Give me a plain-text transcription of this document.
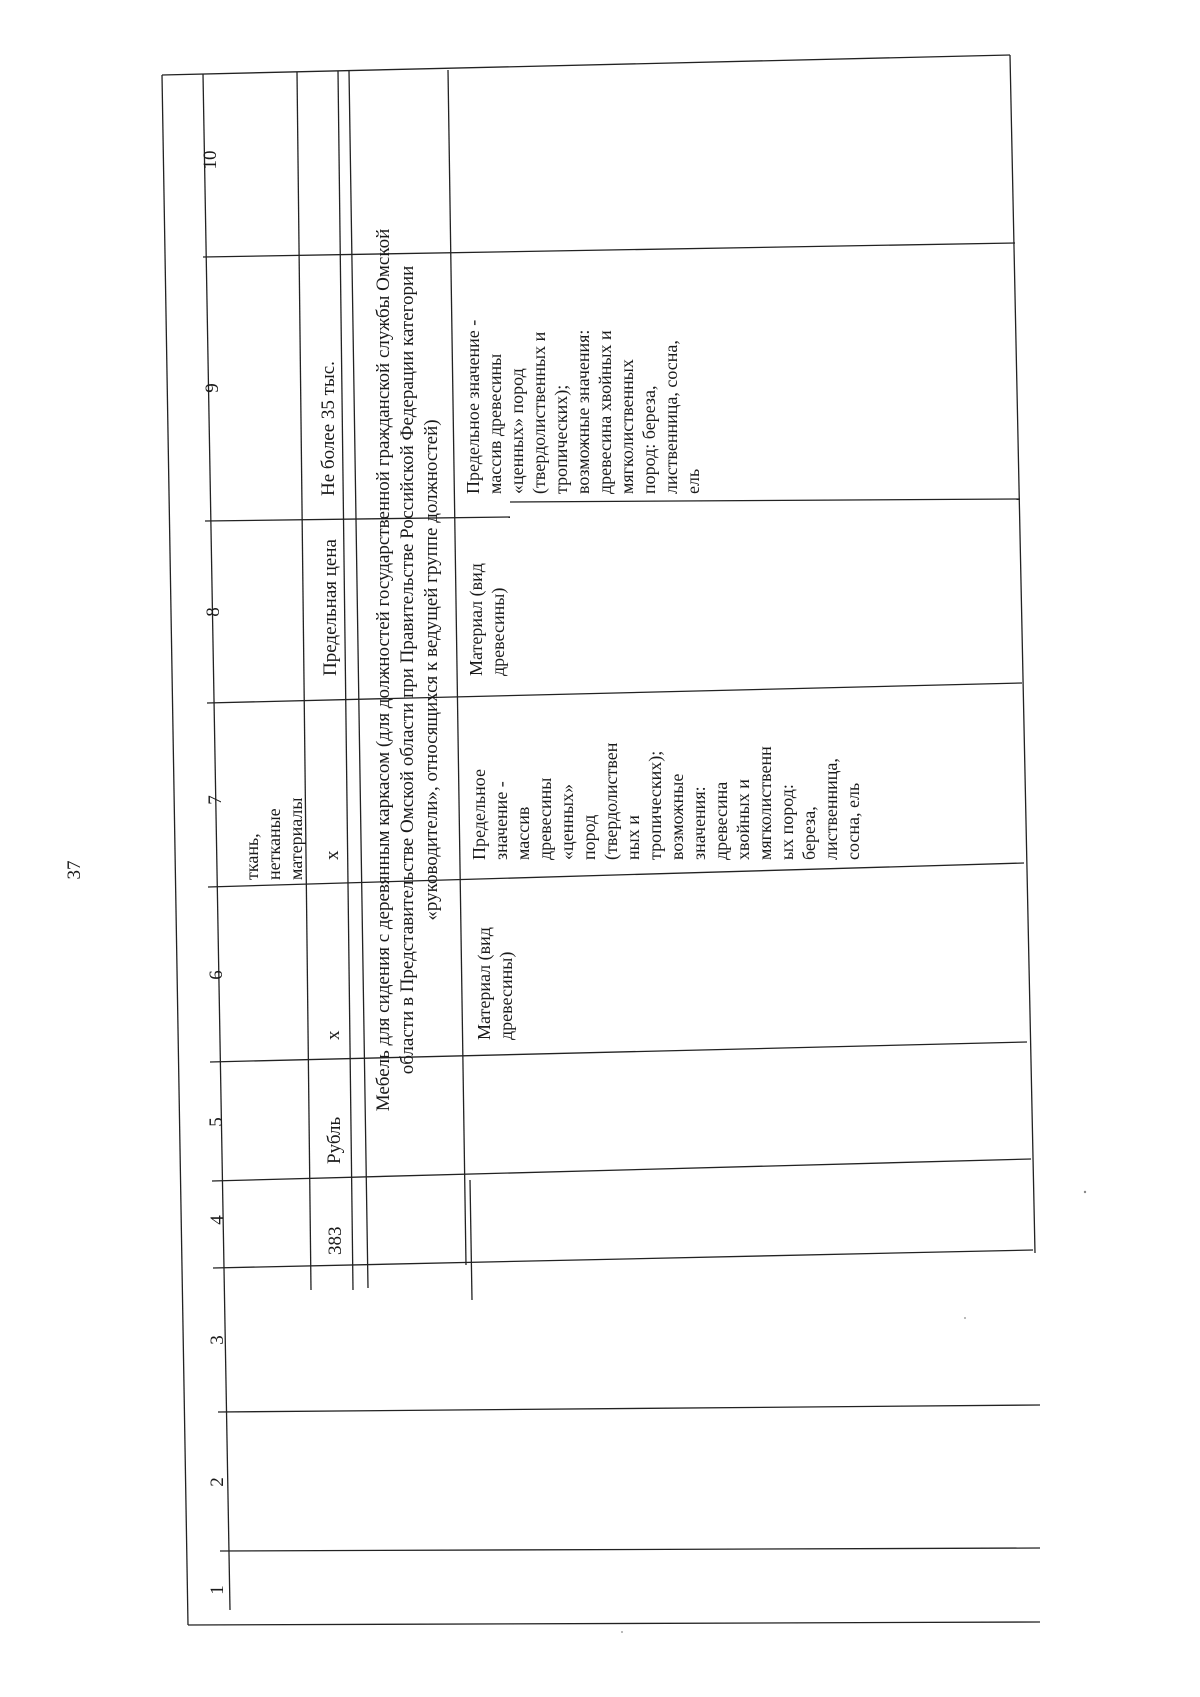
37
1
2
3
4
5
6
7
8
9
10
ткань, нетканые материалы
383
Рубль
x
x
Предельная цена
Не более 35 тыс. Мебель для сидения с деревянным каркасом (для должностей государственной гражданской службы Омской области в Представительстве Омской области при Правительстве Российской Федерации категории «руководители», относящихся к ведущей группе должностей)
Материал (вид древесины)
Предельное значение - массив древесины «ценных» пород (твердолиствен ных и тропических); возможные значения: древесина хвойных и мягколиственн ых пород: береза, лиственница, сосна, ель
Материал (вид древесины)
Предельное значение - массив древесины «ценных» пород (твердолиственных и тропических); возможные значения: древесина хвойных и мягколиственных пород: береза, лиственница, сосна, ель
